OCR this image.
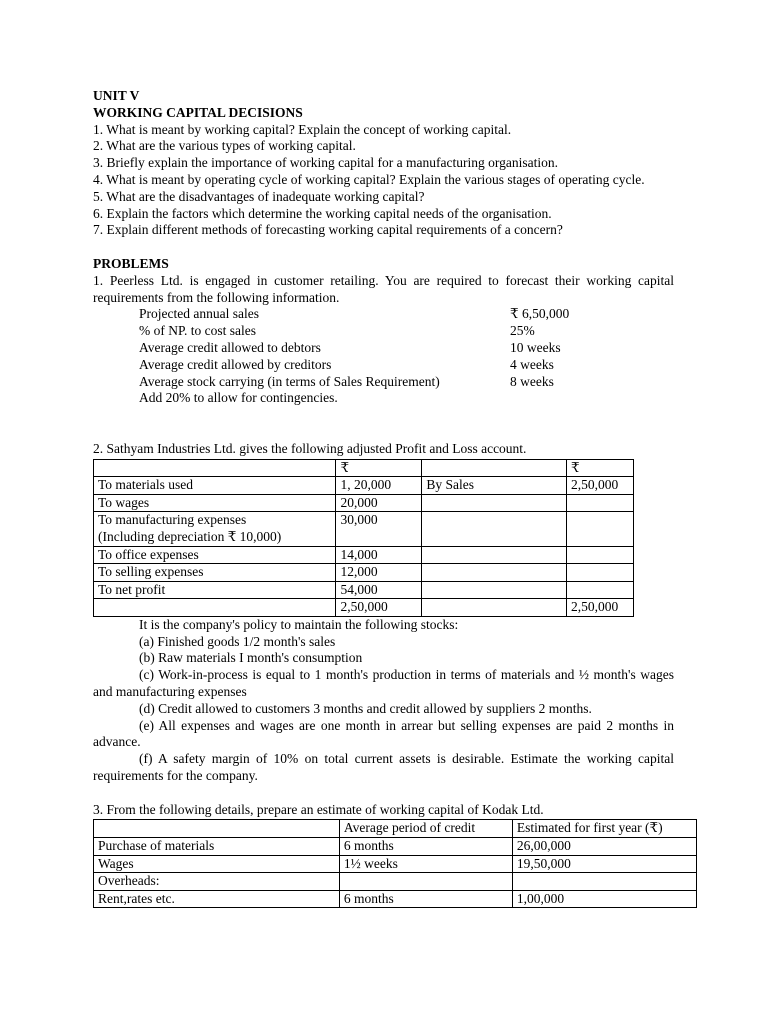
UNIT V
WORKING CAPITAL DECISIONS
1. What is meant by working capital? Explain the concept of working capital.
2. What are the various types of working capital.
3. Briefly explain the importance of working capital for a manufacturing organisation.
4. What is meant by operating cycle of working capital? Explain the various stages of operating cycle.
5. What are the disadvantages of inadequate working capital?
6. Explain the factors which determine the working capital needs of the organisation.
7. Explain different methods of forecasting working capital requirements of a concern?
PROBLEMS
1. Peerless Ltd. is engaged in customer retailing. You are required to forecast their working capital requirements from the following information.
Projected annual sales	₹ 6,50,000
% of NP. to cost sales	25%
Average credit allowed to debtors	10 weeks
Average credit allowed by creditors	4 weeks
Average stock carrying (in terms of Sales Requirement)	8 weeks
Add 20% to allow for contingencies.
2. Sathyam Industries Ltd. gives the following adjusted Profit and Loss account.
	₹		₹
To materials used	1, 20,000	By Sales	2,50,000
To wages	20,000		
To manufacturing expenses
(Including depreciation ₹ 10,000)	30,000		
To office expenses	14,000		
To selling expenses	12,000		
To net profit	54,000		
	2,50,000		2,50,000
It is the company's policy to maintain the following stocks:
(a) Finished goods 1/2 month's sales
(b) Raw materials I month's consumption
(c) Work-in-process is equal to 1 month's production in terms of materials and ½ month's wages and manufacturing expenses
(d) Credit allowed to customers 3 months and credit allowed by suppliers 2 months.
(e) All expenses and wages are one month in arrear but selling expenses are paid 2 months in advance.
(f) A safety margin of 10% on total current assets is desirable. Estimate the working capital requirements for the company.
3. From the following details, prepare an estimate of working capital of Kodak Ltd.
	Average period of credit	Estimated for first year (₹)
Purchase of materials	6 months	26,00,000
Wages	1½ weeks	19,50,000
Overheads:		
Rent,rates etc.	6 months	1,00,000
